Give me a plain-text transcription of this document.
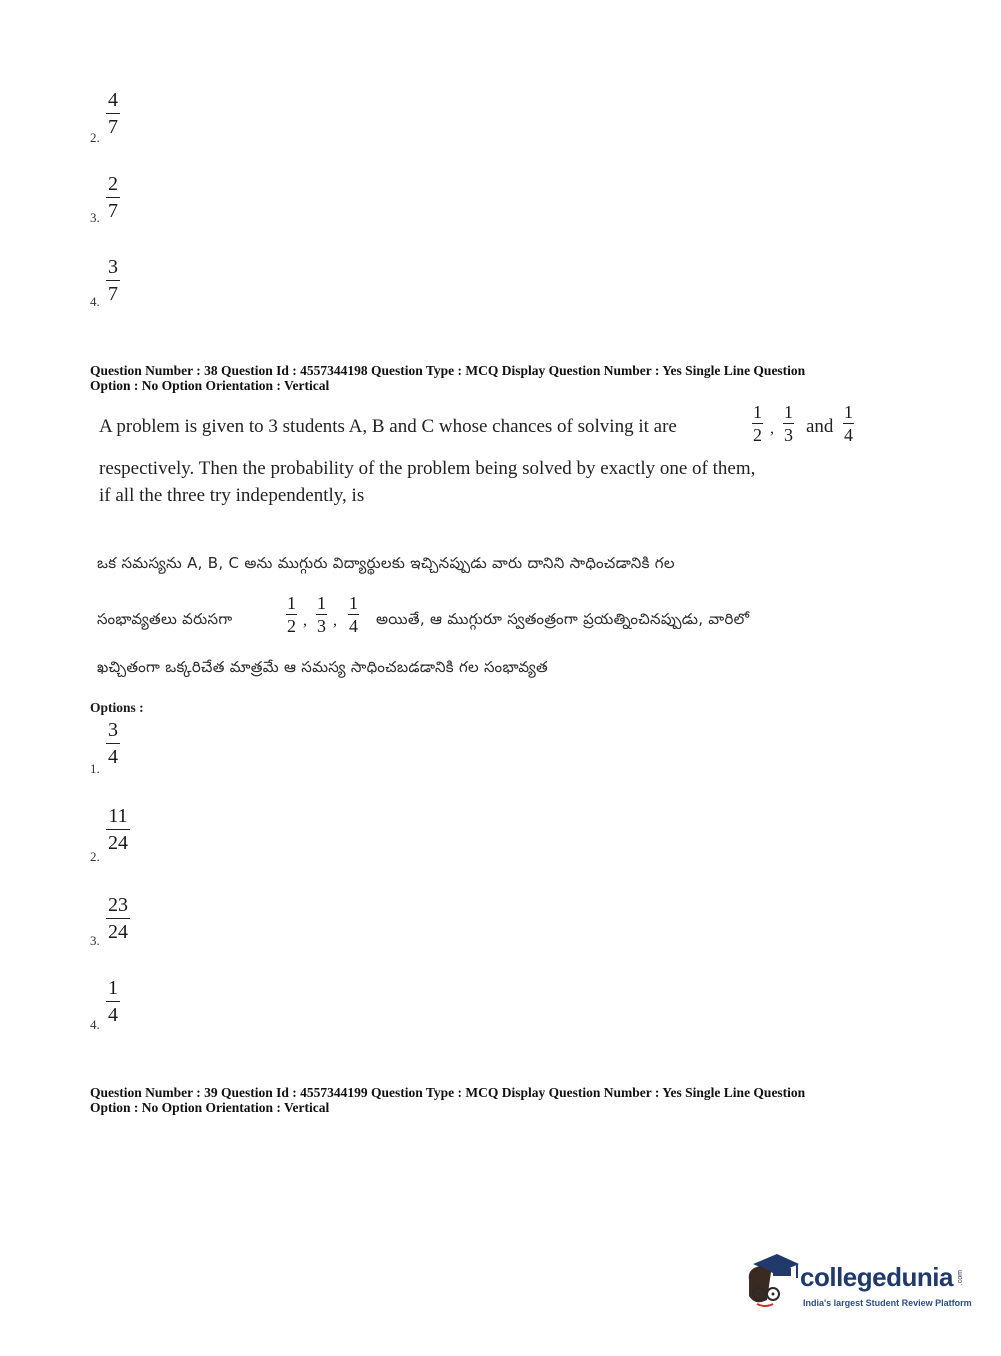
2.
4
7
3.
2
7
4.
3
7
Question Number : 38 Question Id : 4557344198 Question Type : MCQ Display Question Number : Yes Single Line Question
Option : No Option Orientation : Vertical
A problem is given to 3 students A, B and C whose chances of solving it are
1
2 ,
1
3 and
1
4
respectively. Then the probability of the problem being solved by exactly one of them,
if all the three try independently, is
ఒక సమస్యను A, B, C అను ముగ్గురు విద్యార్థులకు ఇచ్చినప్పుడు వారు దానిని సాధించడానికి గల
సంభావ్యతలు వరుసగా
1
2 ,
1
3 ,
1
4 అయితే, ఆ ముగ్గురూ స్వతంత్రంగా ప్రయత్నించినప్పుడు, వారిలో
ఖచ్చితంగా ఒక్కరిచేత మాత్రమే ఆ సమస్య సాధించబడడానికి గల సంభావ్యత
Options :
1.
3
4
2.
11
24
3.
23
24
4.
1
4
Question Number : 39 Question Id : 4557344199 Question Type : MCQ Display Question Number : Yes Single Line Question
Option : No Option Orientation : Vertical
collegedunia .com
India's largest Student Review Platform
